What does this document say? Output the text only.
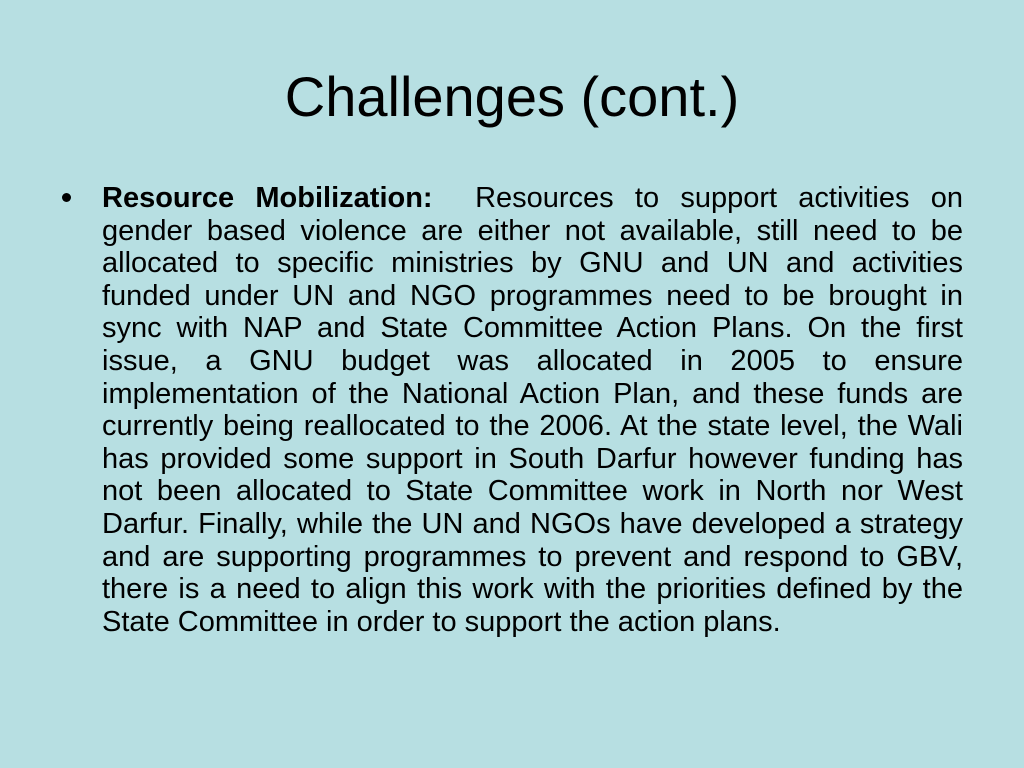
Challenges (cont.)
Resource Mobilization: Resources to support activities on gender based violence are either not available, still need to be allocated to specific ministries by GNU and UN and activities funded under UN and NGO programmes need to be brought in sync with NAP and State Committee Action Plans. On the first issue, a GNU budget was allocated in 2005 to ensure implementation of the National Action Plan, and these funds are currently being reallocated to the 2006. At the state level, the Wali has provided some support in South Darfur however funding has not been allocated to State Committee work in North nor West Darfur. Finally, while the UN and NGOs have developed a strategy and are supporting programmes to prevent and respond to GBV, there is a need to align this work with the priorities defined by the State Committee in order to support the action plans.
